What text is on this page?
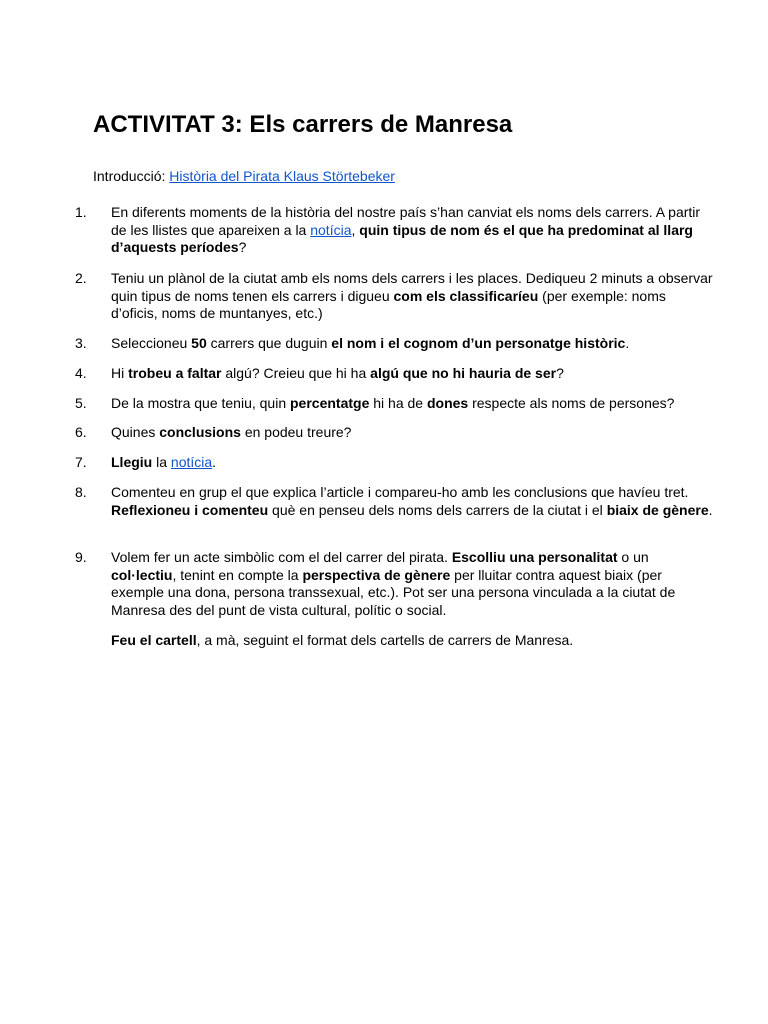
ACTIVITAT 3: Els carrers de Manresa
Introducció: Història del Pirata Klaus Störtebeker
1.	En diferents moments de la història del nostre país s’han canviat els noms dels carrers. A partir de les llistes que apareixen a la notícia, quin tipus de nom és el que ha predominat al llarg d’aquests períodes?
2.	Teniu un plànol de la ciutat amb els noms dels carrers i les places. Dediqueu 2 minuts a observar quin tipus de noms tenen els carrers i digueu com els classificaríeu (per exemple: noms d’oficis, noms de muntanyes, etc.)
3.	Seleccioneu 50 carrers que duguin el nom i el cognom d’un personatge històric.
4.	Hi trobeu a faltar algú? Creieu que hi ha algú que no hi hauria de ser?
5.	De la mostra que teniu, quin percentatge hi ha de dones respecte als noms de persones?
6.	Quines conclusions en podeu treure?
7.	Llegiu la notícia.
8.	Comenteu en grup el que explica l’article i compareu-ho amb les conclusions que havíeu tret. Reflexioneu i comenteu què en penseu dels noms dels carrers de la ciutat i el biaix de gènere.
9.	Volem fer un acte simbòlic com el del carrer del pirata. Escolliu una personalitat o un col·lectiu, tenint en compte la perspectiva de gènere per lluitar contra aquest biaix (per exemple una dona, persona transsexual, etc.). Pot ser una persona vinculada a la ciutat de Manresa des del punt de vista cultural, polític o social.
Feu el cartell, a mà, seguint el format dels cartells de carrers de Manresa.
